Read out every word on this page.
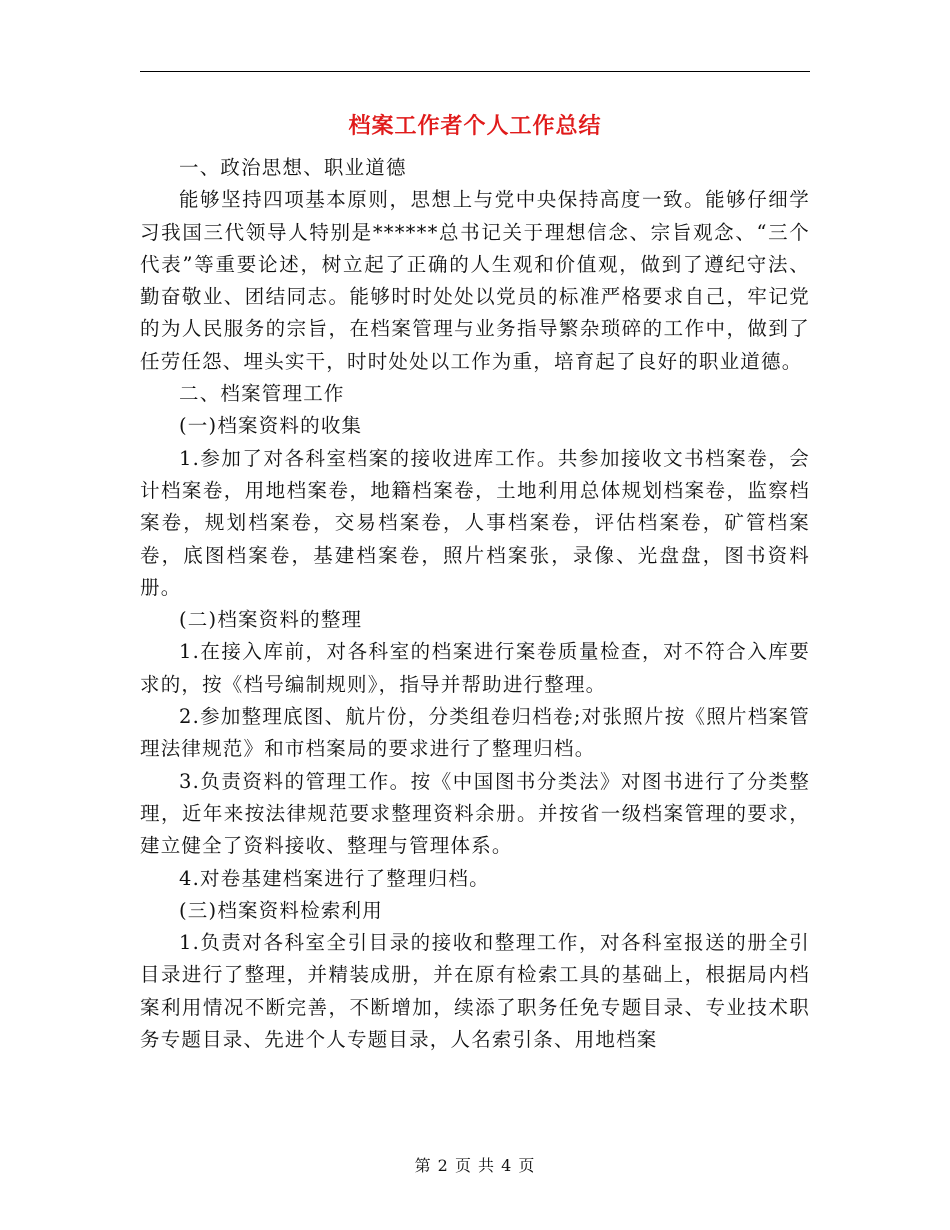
档案工作者个人工作总结

一、政治思想、职业道德

能够坚持四项基本原则，思想上与党中央保持高度一致。能够仔细学习我国三代领导人特别是******总书记关于理想信念、宗旨观念、“三个代表”等重要论述，树立起了正确的人生观和价值观，做到了遵纪守法、勤奋敬业、团结同志。能够时时处处以党员的标准严格要求自己，牢记党的为人民服务的宗旨，在档案管理与业务指导繁杂琐碎的工作中，做到了任劳任怨、埋头实干，时时处处以工作为重，培育起了良好的职业道德。

二、档案管理工作

(一)档案资料的收集

1.参加了对各科室档案的接收进库工作。共参加接收文书档案卷，会计档案卷，用地档案卷，地籍档案卷，土地利用总体规划档案卷，监察档案卷，规划档案卷，交易档案卷，人事档案卷，评估档案卷，矿管档案卷，底图档案卷，基建档案卷，照片档案张，录像、光盘盘，图书资料册。

(二)档案资料的整理

1.在接入库前，对各科室的档案进行案卷质量检查，对不符合入库要求的，按《档号编制规则》，指导并帮助进行整理。

2.参加整理底图、航片份，分类组卷归档卷;对张照片按《照片档案管理法律规范》和市档案局的要求进行了整理归档。

3.负责资料的管理工作。按《中国图书分类法》对图书进行了分类整理，近年来按法律规范要求整理资料余册。并按省一级档案管理的要求，建立健全了资料接收、整理与管理体系。

4.对卷基建档案进行了整理归档。

(三)档案资料检索利用

1.负责对各科室全引目录的接收和整理工作，对各科室报送的册全引目录进行了整理，并精装成册，并在原有检索工具的基础上，根据局内档案利用情况不断完善，不断增加，续添了职务任免专题目录、专业技术职务专题目录、先进个人专题目录，人名索引条、用地档案

第 2 页 共 4 页
